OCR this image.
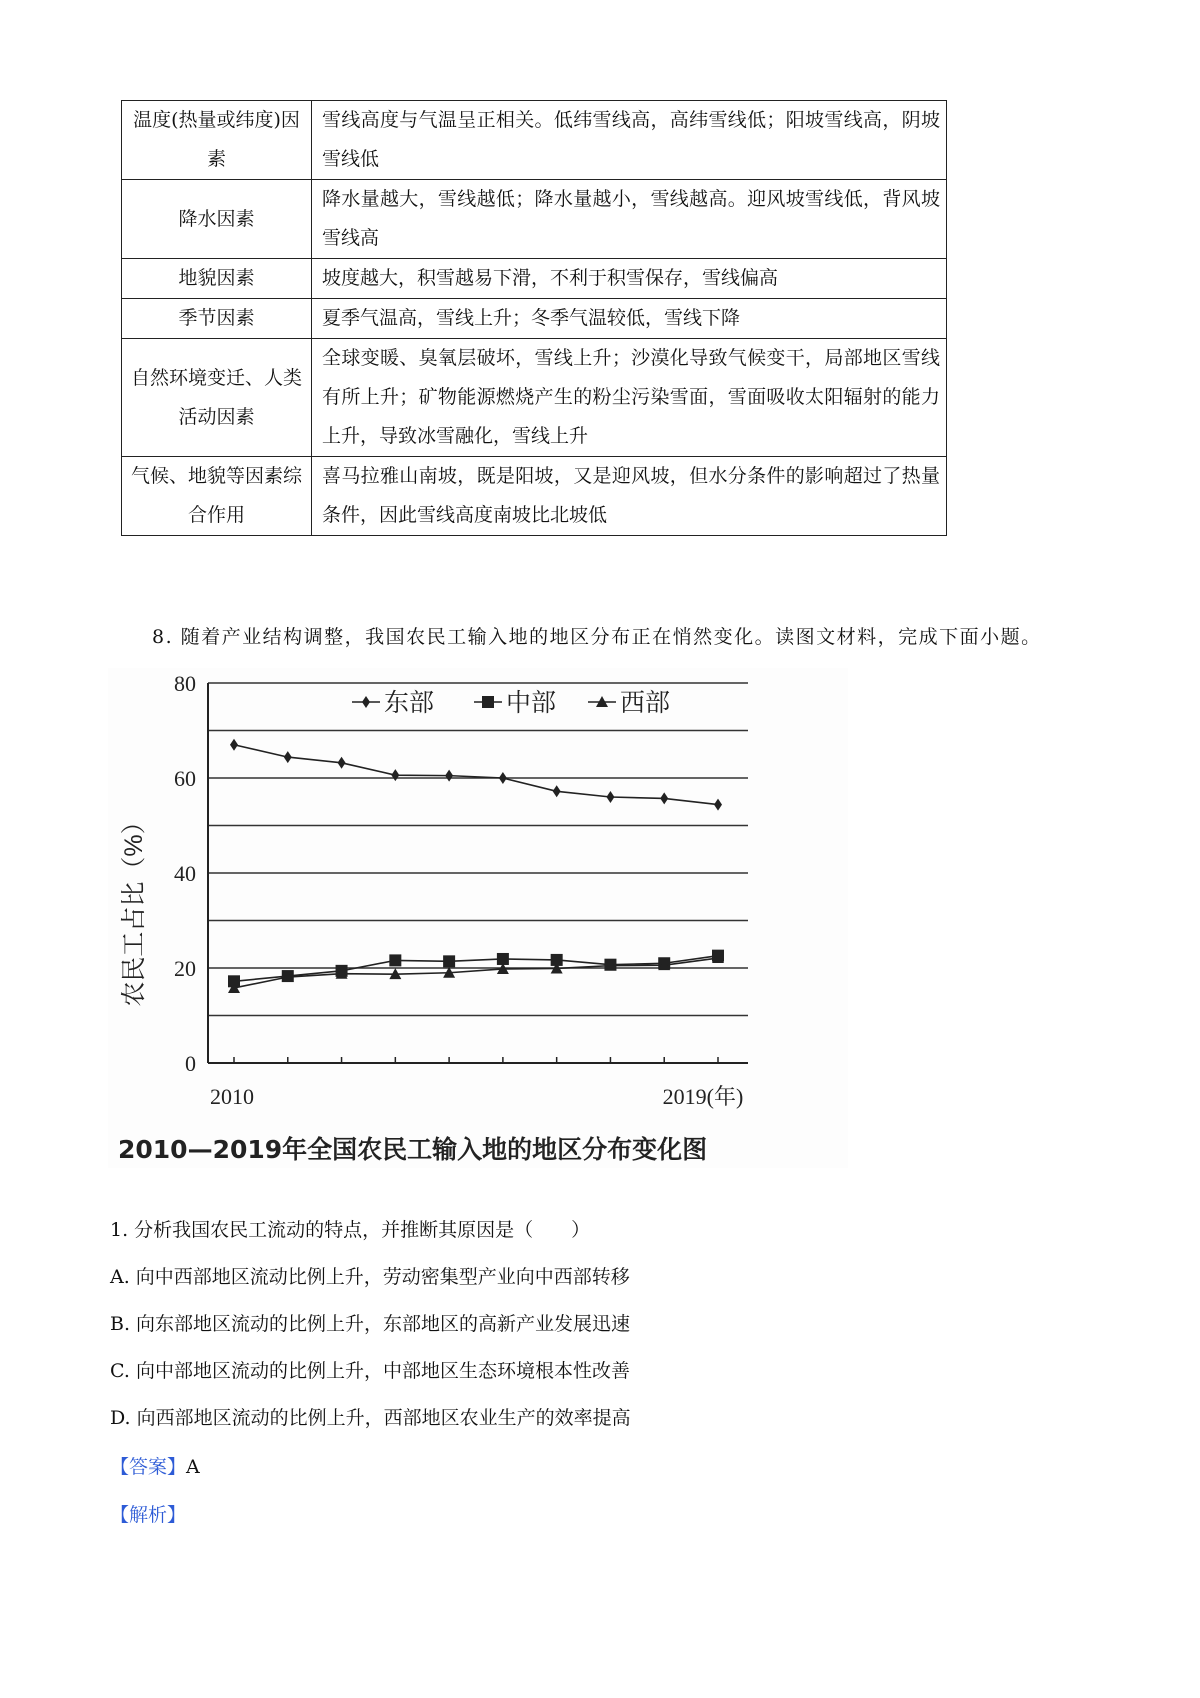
温度(热量或纬度)因素	雪线高度与气温呈正相关。低纬雪线高，高纬雪线低；阳坡雪线高，阴坡雪线低
降水因素	降水量越大，雪线越低；降水量越小，雪线越高。迎风坡雪线低，背风坡雪线高
地貌因素	坡度越大，积雪越易下滑，不利于积雪保存，雪线偏高
季节因素	夏季气温高，雪线上升；冬季气温较低，雪线下降
自然环境变迁、人类活动因素	全球变暖、臭氧层破坏，雪线上升；沙漠化导致气候变干，局部地区雪线有所上升；矿物能源燃烧产生的粉尘污染雪面，雪面吸收太阳辐射的能力上升，导致冰雪融化，雪线上升
气候、地貌等因素综合作用	喜马拉雅山南坡，既是阳坡，又是迎风坡，但水分条件的影响超过了热量条件，因此雪线高度南坡比北坡低
8. 随着产业结构调整，我国农民工输入地的地区分布正在悄然变化。读图文材料，完成下面小题。
0
20
40
60
80
东部	中部	西部
农民工占比（%）
2010	2019(年)
2010—2019年全国农民工输入地的地区分布变化图
1. 分析我国农民工流动的特点，并推断其原因是（　　）
A. 向中西部地区流动比例上升，劳动密集型产业向中西部转移
B. 向东部地区流动的比例上升，东部地区的高新产业发展迅速
C. 向中部地区流动的比例上升，中部地区生态环境根本性改善
D. 向西部地区流动的比例上升，西部地区农业生产的效率提高
【答案】A
【解析】
